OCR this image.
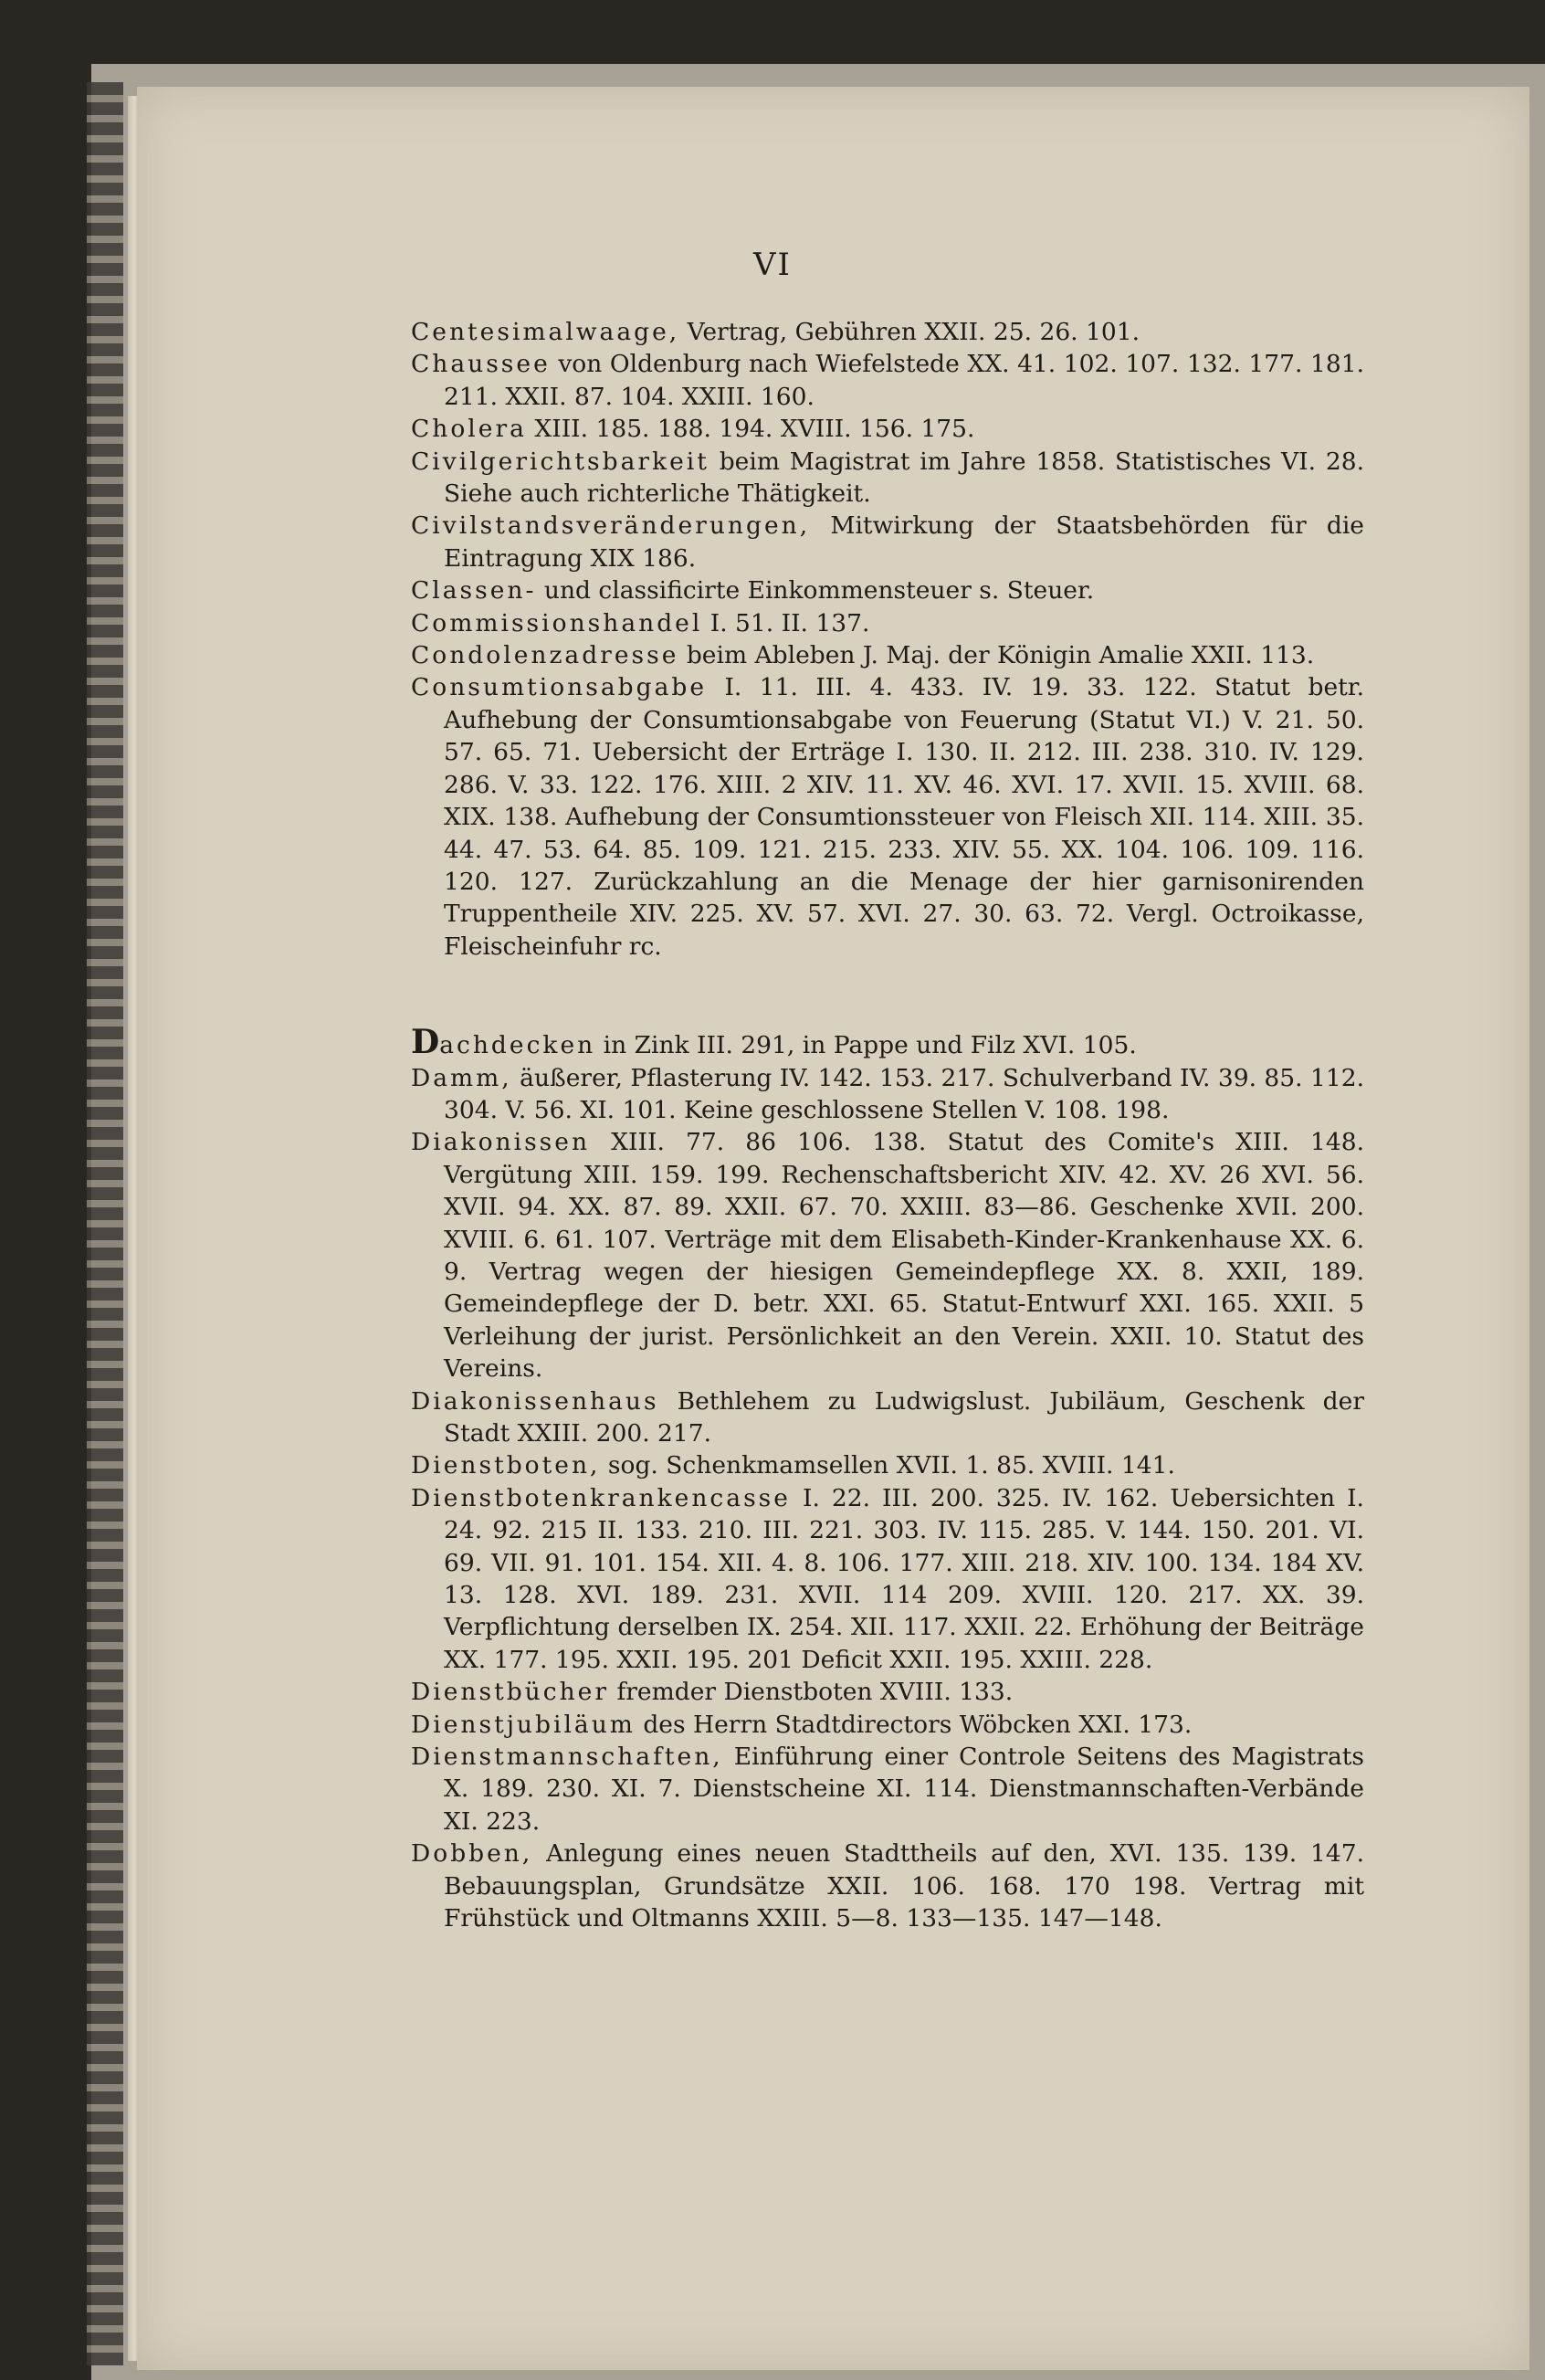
VI

Centesimalwaage, Vertrag, Gebühren XXII. 25. 26. 101.

Chaussee von Oldenburg nach Wiefelstede XX. 41. 102. 107. 132. 177. 181. 211. XXII. 87. 104. XXIII. 160.

Cholera XIII. 185. 188. 194. XVIII. 156. 175.

Civilgerichtsbarkeit beim Magistrat im Jahre 1858. Statistisches VI. 28. Siehe auch richterliche Thätigkeit.

Civilstandsveränderungen, Mitwirkung der Staatsbehörden für die Eintragung XIX 186.

Classen- und classificirte Einkommensteuer s. Steuer.

Commissionshandel I. 51. II. 137.

Condolenzadresse beim Ableben J. Maj. der Königin Amalie XXII. 113.

Consumtionsabgabe I. 11. III. 4. 433. IV. 19. 33. 122. Statut betr. Aufhebung der Consumtionsabgabe von Feuerung (Statut VI.) V. 21. 50. 57. 65. 71. Uebersicht der Erträge I. 130. II. 212. III. 238. 310. IV. 129. 286. V. 33. 122. 176. XIII. 2 XIV. 11. XV. 46. XVI. 17. XVII. 15. XVIII. 68. XIX. 138. Aufhebung der Consumtionssteuer von Fleisch XII. 114. XIII. 35. 44. 47. 53. 64. 85. 109. 121. 215. 233. XIV. 55. XX. 104. 106. 109. 116. 120. 127. Zurückzahlung an die Menage der hier garnisonirenden Truppentheile XIV. 225. XV. 57. XVI. 27. 30. 63. 72. Vergl. Octroikasse, Fleischeinfuhr rc.

Dachdecken in Zink III. 291, in Pappe und Filz XVI. 105.

Damm, äußerer, Pflasterung IV. 142. 153. 217. Schulverband IV. 39. 85. 112. 304. V. 56. XI. 101. Keine geschlossene Stellen V. 108. 198.

Diakonissen XIII. 77. 86 106. 138. Statut des Comite's XIII. 148. Vergütung XIII. 159. 199. Rechenschaftsbericht XIV. 42. XV. 26 XVI. 56. XVII. 94. XX. 87. 89. XXII. 67. 70. XXIII. 83—86. Geschenke XVII. 200. XVIII. 6. 61. 107. Verträge mit dem Elisabeth-Kinder-Krankenhause XX. 6. 9. Vertrag wegen der hiesigen Gemeindepflege XX. 8. XXII, 189. Gemeindepflege der D. betr. XXI. 65. Statut-Entwurf XXI. 165. XXII. 5 Verleihung der jurist. Persönlichkeit an den Verein. XXII. 10. Statut des Vereins.

Diakonissenhaus Bethlehem zu Ludwigslust. Jubiläum, Geschenk der Stadt XXIII. 200. 217.

Dienstboten, sog. Schenkmamsellen XVII. 1. 85. XVIII. 141.

Dienstbotenkrankencasse I. 22. III. 200. 325. IV. 162. Uebersichten I. 24. 92. 215 II. 133. 210. III. 221. 303. IV. 115. 285. V. 144. 150. 201. VI. 69. VII. 91. 101. 154. XII. 4. 8. 106. 177. XIII. 218. XIV. 100. 134. 184 XV. 13. 128. XVI. 189. 231. XVII. 114 209. XVIII. 120. 217. XX. 39. Verpflichtung derselben IX. 254. XII. 117. XXII. 22. Erhöhung der Beiträge XX. 177. 195. XXII. 195. 201 Deficit XXII. 195. XXIII. 228.

Dienstbücher fremder Dienstboten XVIII. 133.

Dienstjubiläum des Herrn Stadtdirectors Wöbcken XXI. 173.

Dienstmannschaften, Einführung einer Controle Seitens des Magistrats X. 189. 230. XI. 7. Dienstscheine XI. 114. Dienstmannschaften-Verbände XI. 223.

Dobben, Anlegung eines neuen Stadttheils auf den, XVI. 135. 139. 147. Bebauungsplan, Grundsätze XXII. 106. 168. 170 198. Vertrag mit Frühstück und Oltmanns XXIII. 5—8. 133—135. 147—148.
